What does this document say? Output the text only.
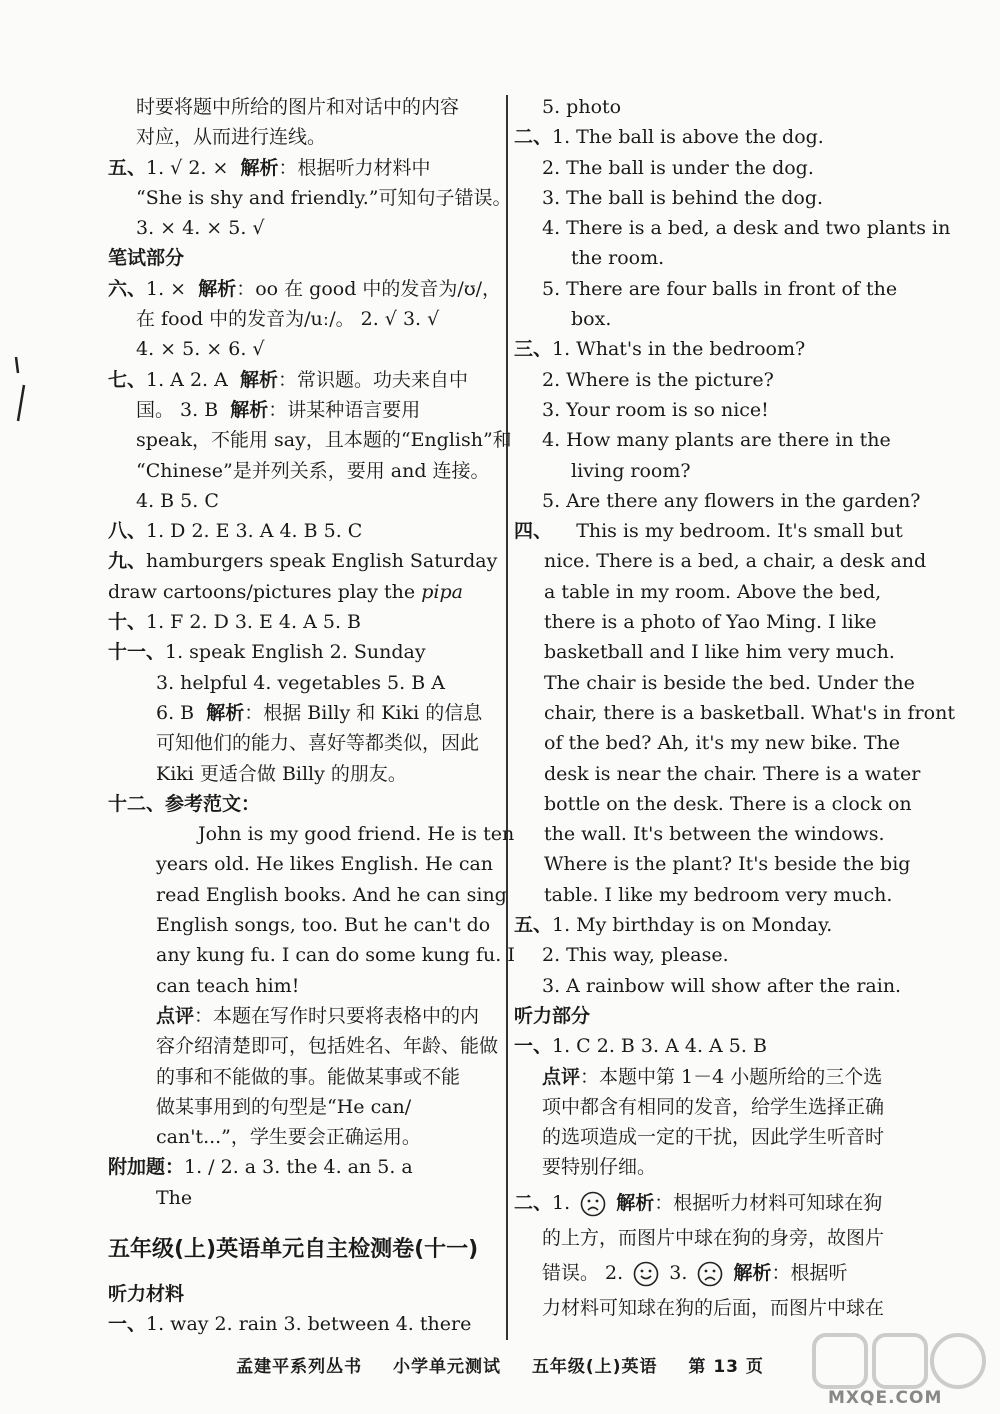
时要将题中所给的图片和对话中的内容
对应，从而进行连线。
五、1. √ 2. × 解析：根据听力材料中
“She is shy and friendly.”可知句子错误。
3. × 4. × 5. √
笔试部分
六、1. × 解析：oo 在 good 中的发音为/ʊ/，
在 food 中的发音为/uː/。 2. √ 3. √
4. × 5. × 6. √
七、1. A 2. A 解析：常识题。功夫来自中
国。 3. B 解析：讲某种语言要用
speak，不能用 say，且本题的“English”和
“Chinese”是并列关系，要用 and 连接。
4. B 5. C
八、1. D 2. E 3. A 4. B 5. C
九、hamburgers speak English Saturday
draw cartoons/pictures play the pipa
十、1. F 2. D 3. E 4. A 5. B
十一、1. speak English 2. Sunday
3. helpful 4. vegetables 5. B A
6. B 解析：根据 Billy 和 Kiki 的信息
可知他们的能力、喜好等都类似，因此
Kiki 更适合做 Billy 的朋友。
十二、参考范文：
John is my good friend. He is ten
years old. He likes English. He can
read English books. And he can sing
English songs, too. But he can't do
any kung fu. I can do some kung fu. I
can teach him!
点评：本题在写作时只要将表格中的内
容介绍清楚即可，包括姓名、年龄、能做
的事和不能做的事。能做某事或不能
做某事用到的句型是“He can/
can't...”，学生要会正确运用。
附加题：1. / 2. a 3. the 4. an 5. a
The
五年级(上)英语单元自主检测卷(十一)
听力材料
一、1. way 2. rain 3. between 4. there
5. photo
二、1. The ball is above the dog.
2. The ball is under the dog.
3. The ball is behind the dog.
4. There is a bed, a desk and two plants in
the room.
5. There are four balls in front of the
box.
三、1. What's in the bedroom?
2. Where is the picture?
3. Your room is so nice!
4. How many plants are there in the
living room?
5. Are there any flowers in the garden?
四、 This is my bedroom. It's small but
nice. There is a bed, a chair, a desk and
a table in my room. Above the bed,
there is a photo of Yao Ming. I like
basketball and I like him very much.
The chair is beside the bed. Under the
chair, there is a basketball. What's in front
of the bed? Ah, it's my new bike. The
desk is near the chair. There is a water
bottle on the desk. There is a clock on
the wall. It's between the windows.
Where is the plant? It's beside the big
table. I like my bedroom very much.
五、1. My birthday is on Monday.
2. This way, please.
3. A rainbow will show after the rain.
听力部分
一、1. C 2. B 3. A 4. A 5. B
点评：本题中第 1－4 小题所给的三个选
项中都含有相同的发音，给学生选择正确
的选项造成一定的干扰，因此学生听音时
要特别仔细。
二、1. 解析：根据听力材料可知球在狗
的上方，而图片中球在狗的身旁，故图片
错误。 2. 3. 解析：根据听
力材料可知球在狗的后面，而图片中球在
孟建平系列丛书 小学单元测试 五年级(上)英语 第 13 页
MXQE.COM
